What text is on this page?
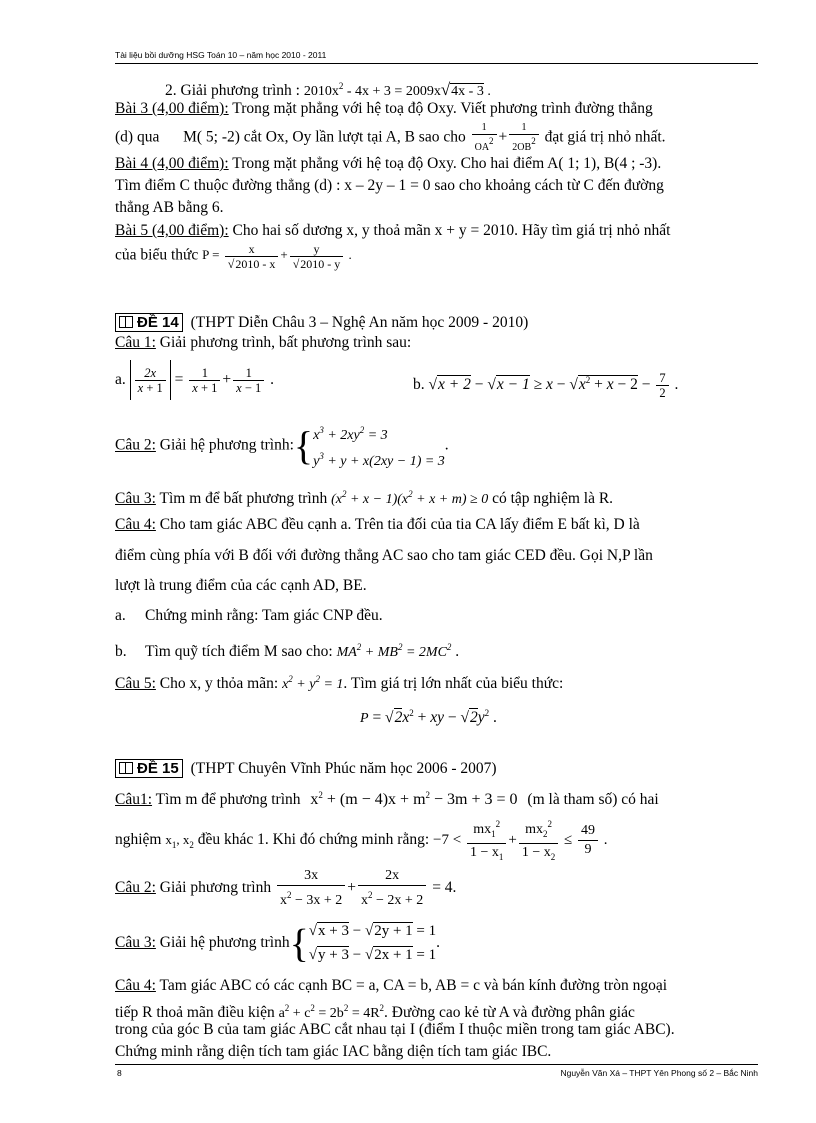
Tài liệu bồi dưỡng HSG Toán 10 – năm học 2010 - 2011
2. Giải phương trình : $2010x^2 - 4x + 3 = 2009x√4x - 3$ .
Bài 3 (4,00 điểm): Trong mặt phẳng với hệ toạ độ Oxy. Viết phương trình đường thẳng
(d) qua M( 5; -2) cắt Ox, Oy lần lượt tại A, B sao cho $\frac{1}{OA^2} + \frac{1}{2OB^2}$ đạt giá trị nhỏ nhất.
Bài 4 (4,00 điểm): Trong mặt phẳng với hệ toạ độ Oxy. Cho hai điểm A( 1; 1), B(4 ; -3).
Tìm điểm C thuộc đường thẳng (d) : x – 2y – 1 = 0 sao cho khoảng cách từ C đến đường
thẳng AB bằng 6.
Bài 5 (4,00 điểm): Cho hai số dương x, y thoả mãn x + y = 2010. Hãy tìm giá trị nhỏ nhất
của biểu thức $P = \frac{x}{√2010 - x} + \frac{y}{√2010 - y}$ .
ĐỀ 14 (THPT Diễn Châu 3 – Nghệ An năm học 2009 - 2010)
Câu 1: Giải phương trình, bất phương trình sau:
a. $\frac{2x}{x + 1} = \frac{1}{x + 1} + \frac{1}{x - 1}$ .	b. $√x + 2 - √x - 1 \ge x - √x^2 + x - 2 - \frac{7}{2}$ .
Câu 2: Giải hệ phương $trình:\{x^3 + 2xy^2 = 3$
$y^3 + y + x(2xy - 1) = 3$.
Câu 3: Tìm m để bất phương trình $(x^2 + x - 1)(x^2 + x + m) \ge 0$ có tập nghiệm là R.
Câu 4: Cho tam giác ABC đều cạnh a. Trên tia đối của tia CA lấy điểm E bất kì, D là
điểm cùng phía với B đối với đường thẳng AC sao cho tam giác CED đều. Gọi N,P lần
lượt là trung điểm của các cạnh AD, BE.
a. Chứng minh rằng: Tam giác CNP đều.
b. Tìm quỹ tích điểm M sao cho: $MA^2 + MB^2 = 2MC^2$ .
Câu 5: Cho x, y thỏa mãn: $x^2 + y^2 = 1$. Tìm giá trị lớn nhất của biểu thức:
$P = √2x^2$ + xy − $√2y^2$ .
ĐỀ 15 (THPT Chuyên Vĩnh Phúc năm học 2006 - 2007)
Câu1: Tìm m để phương trình $x^2 + (m - 4)x + m^2 - 3m + 3 = 0$ (m là tham số) có hai
nghiệm $x_1$, $x_2$ đều khác 1. Khi đó chứng minh rằng: $-7 < \frac{mx_1^2}{1 - x_1} + \frac{mx_2^2}{1 - x_2} \le \frac{49}{9}$ .
Câu 2: Giải phương trình $\frac{3x}{x^2 - 3x + 2} + \frac{2x}{x^2 - 2x + 2} = 4$.
Câu 3: Giải hệ phương trình{√x + 3 − √2y + 1 = 1
√y + 3 − √2x + 1 = 1.
Câu 4: Tam giác ABC có các cạnh BC = a, CA = b, AB = c và bán kính đường tròn ngoại
tiếp R thoả mãn điều kiện $a^2 + c^2 = 2b^2 = 4R^2$. Đường cao kẻ từ A và đường phân giác
trong của góc B của tam giác ABC cắt nhau tại I (điểm I thuộc miền trong tam giác ABC).
Chứng minh rằng diện tích tam giác IAC bằng diện tích tam giác IBC.
8	Nguyễn Văn Xá – THPT Yên Phong số 2 – Bắc Ninh
